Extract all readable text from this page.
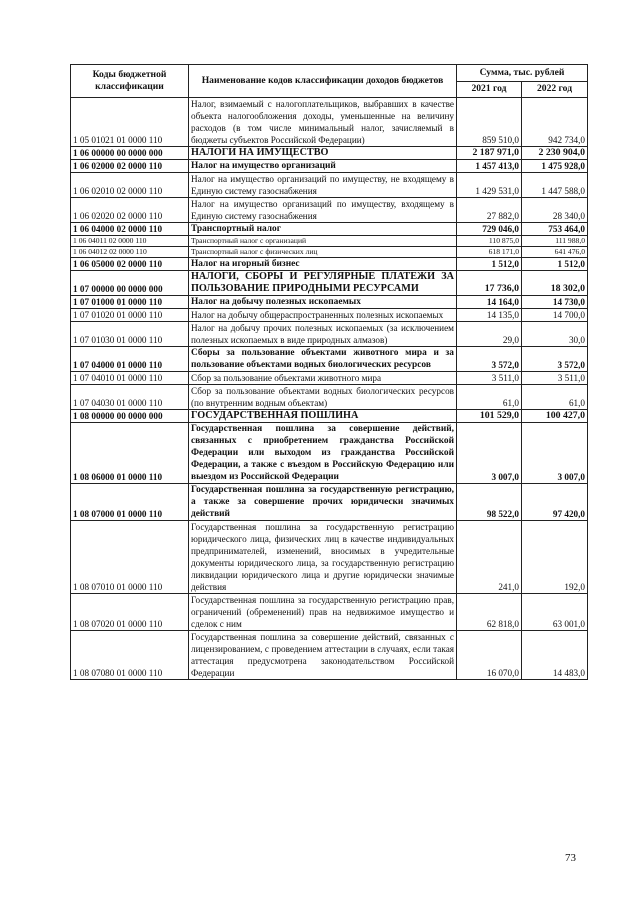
Коды бюджетной классификации	Наименование кодов классификации доходов бюджетов	Сумма, тыс. рублей	
		2021 год	2022 год
1 05 01021 01 0000 110	Налог, взимаемый с налогоплательщиков, выбравших в качестве объекта налогообложения доходы, уменьшенные на величину расходов (в том числе минимальный налог, зачисляемый в бюджеты субъектов Российской Федерации)	859 510,0	942 734,0
1 06 00000 00 0000 000	НАЛОГИ НА ИМУЩЕСТВО	2 187 971,0	2 230 904,0
1 06 02000 02 0000 110	Налог на имущество организаций	1 457 413,0	1 475 928,0
1 06 02010 02 0000 110	Налог на имущество организаций по имуществу, не входящему в Единую систему газоснабжения	1 429 531,0	1 447 588,0
1 06 02020 02 0000 110	Налог на имущество организаций по имуществу, входящему в Единую систему газоснабжения	27 882,0	28 340,0
1 06 04000 02 0000 110	Транспортный налог	729 046,0	753 464,0
1 06 04011 02 0000 110	Транспортный налог с организаций	110 875,0	111 988,0
1 06 04012 02 0000 110	Транспортный налог с физических лиц	618 171,0	641 476,0
1 06 05000 02 0000 110	Налог на игорный бизнес	1 512,0	1 512,0
1 07 00000 00 0000 000	НАЛОГИ, СБОРЫ И РЕГУЛЯРНЫЕ ПЛАТЕЖИ ЗА ПОЛЬЗОВАНИЕ ПРИРОДНЫМИ РЕСУРСАМИ	17 736,0	18 302,0
1 07 01000 01 0000 110	Налог на добычу полезных ископаемых	14 164,0	14 730,0
1 07 01020 01 0000 110	Налог на добычу общераспространенных полезных ископаемых	14 135,0	14 700,0
1 07 01030 01 0000 110	Налог на добычу прочих полезных ископаемых (за исключением полезных ископаемых в виде природных алмазов)	29,0	30,0
1 07 04000 01 0000 110	Сборы за пользование объектами животного мира и за пользование объектами водных биологических ресурсов	3 572,0	3 572,0
1 07 04010 01 0000 110	Сбор за пользование объектами животного мира	3 511,0	3 511,0
1 07 04030 01 0000 110	Сбор за пользование объектами водных биологических ресурсов (по внутренним водным объектам)	61,0	61,0
1 08 00000 00 0000 000	ГОСУДАРСТВЕННАЯ ПОШЛИНА	101 529,0	100 427,0
1 08 06000 01 0000 110	Государственная пошлина за совершение действий, связанных с приобретением гражданства Российской Федерации или выходом из гражданства Российской Федерации, а также с въездом в Российскую Федерацию или выездом из Российской Федерации	3 007,0	3 007,0
1 08 07000 01 0000 110	Государственная пошлина за государственную регистрацию, а также за совершение прочих юридически значимых действий	98 522,0	97 420,0
1 08 07010 01 0000 110	Государственная пошлина за государственную регистрацию юридического лица, физических лиц в качестве индивидуальных предпринимателей, изменений, вносимых в учредительные документы юридического лица, за государственную регистрацию ликвидации юридического лица и другие юридически значимые действия	241,0	192,0
1 08 07020 01 0000 110	Государственная пошлина за государственную регистрацию прав, ограничений (обременений) прав на недвижимое имущество и сделок с ним	62 818,0	63 001,0
1 08 07080 01 0000 110	Государственная пошлина за совершение действий, связанных с лицензированием, с проведением аттестации в случаях, если такая аттестация предусмотрена законодательством Российской Федерации	16 070,0	14 483,0
73
